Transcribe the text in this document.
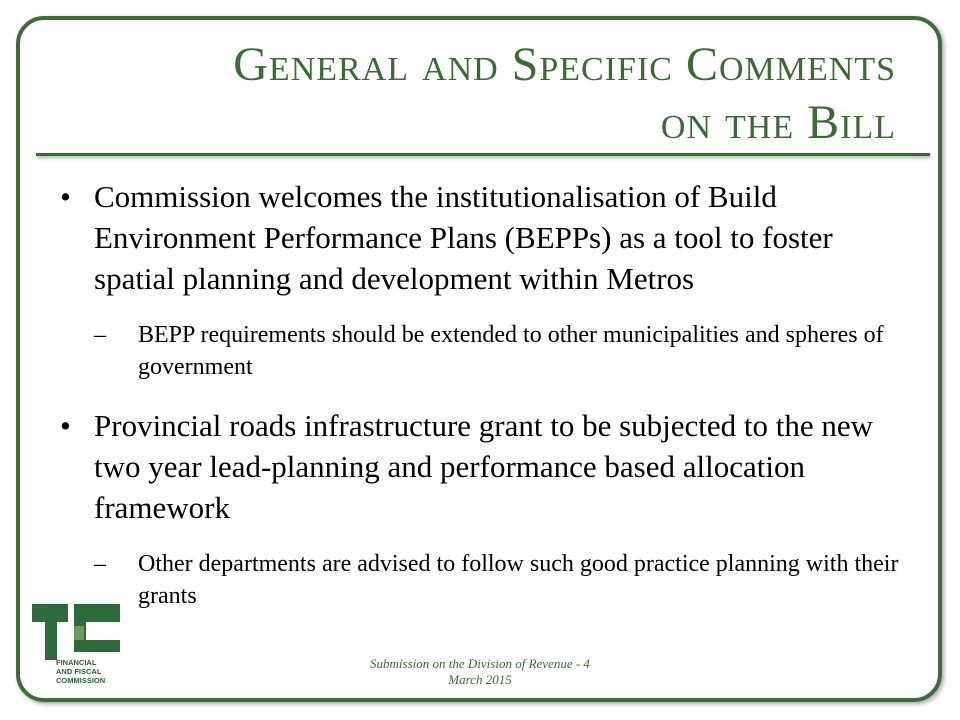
General and Specific Comments
on the Bill
• Commission welcomes the institutionalisation of Build Environment Performance Plans (BEPPs) as a tool to foster spatial planning and development within Metros
– BEPP requirements should be extended to other municipalities and spheres of government
• Provincial roads infrastructure grant to be subjected to the new two year lead-planning and performance based allocation framework
– Other departments are advised to follow such good practice planning with their grants
FINANCIAL
AND FISCAL
COMMISSION
Submission on the Division of Revenue - 4
March 2015
